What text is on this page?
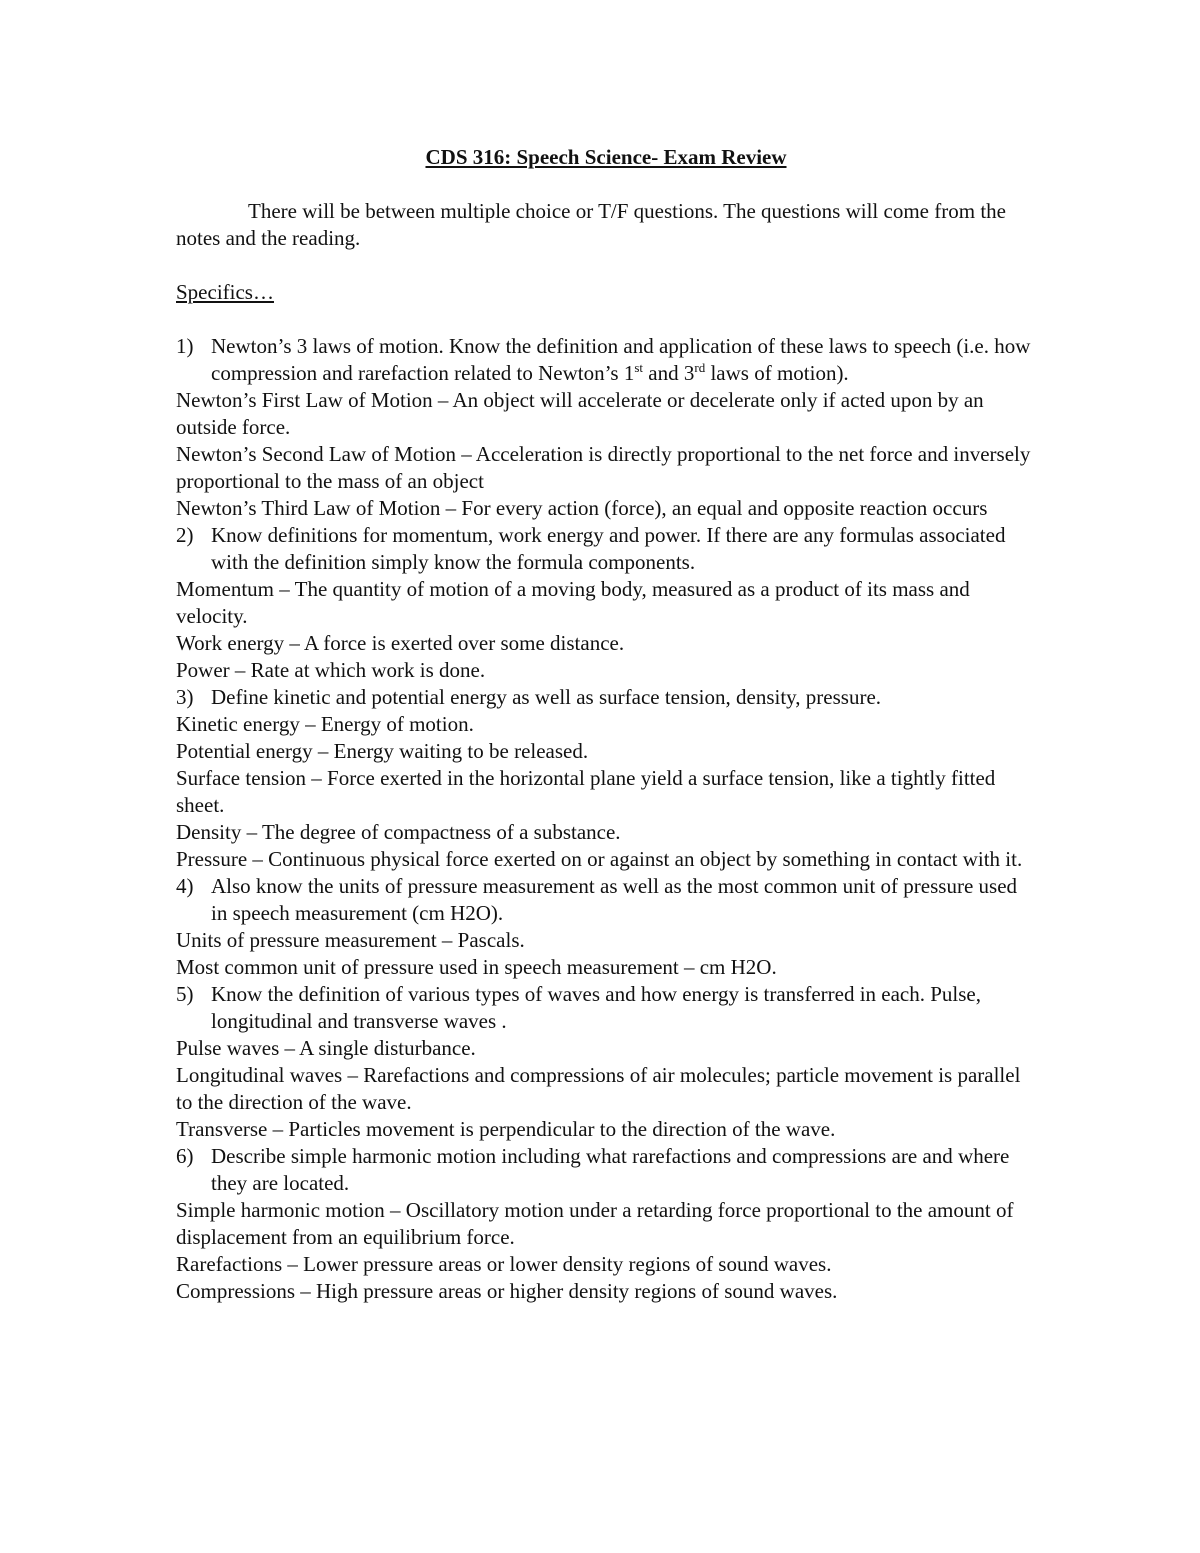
CDS 316: Speech Science- Exam Review
There will be between multiple choice or T/F questions. The questions will come from the notes and the reading.
Specifics…
1) Newton’s 3 laws of motion. Know the definition and application of these laws to speech (i.e. how compression and rarefaction related to Newton’s 1st and 3rd laws of motion).
Newton’s First Law of Motion – An object will accelerate or decelerate only if acted upon by an outside force.
Newton’s Second Law of Motion – Acceleration is directly proportional to the net force and inversely proportional to the mass of an object
Newton’s Third Law of Motion – For every action (force), an equal and opposite reaction occurs
2) Know definitions for momentum, work energy and power. If there are any formulas associated with the definition simply know the formula components.
Momentum – The quantity of motion of a moving body, measured as a product of its mass and velocity.
Work energy – A force is exerted over some distance.
Power – Rate at which work is done.
3) Define kinetic and potential energy as well as surface tension, density, pressure.
Kinetic energy – Energy of motion.
Potential energy – Energy waiting to be released.
Surface tension – Force exerted in the horizontal plane yield a surface tension, like a tightly fitted sheet.
Density – The degree of compactness of a substance.
Pressure – Continuous physical force exerted on or against an object by something in contact with it.
4) Also know the units of pressure measurement as well as the most common unit of pressure used in speech measurement (cm H2O).
Units of pressure measurement – Pascals.
Most common unit of pressure used in speech measurement – cm H2O.
5) Know the definition of various types of waves and how energy is transferred in each. Pulse, longitudinal and transverse waves .
Pulse waves – A single disturbance.
Longitudinal waves – Rarefactions and compressions of air molecules; particle movement is parallel to the direction of the wave.
Transverse – Particles movement is perpendicular to the direction of the wave.
6) Describe simple harmonic motion including what rarefactions and compressions are and where they are located.
Simple harmonic motion – Oscillatory motion under a retarding force proportional to the amount of displacement from an equilibrium force.
Rarefactions – Lower pressure areas or lower density regions of sound waves.
Compressions – High pressure areas or higher density regions of sound waves.
